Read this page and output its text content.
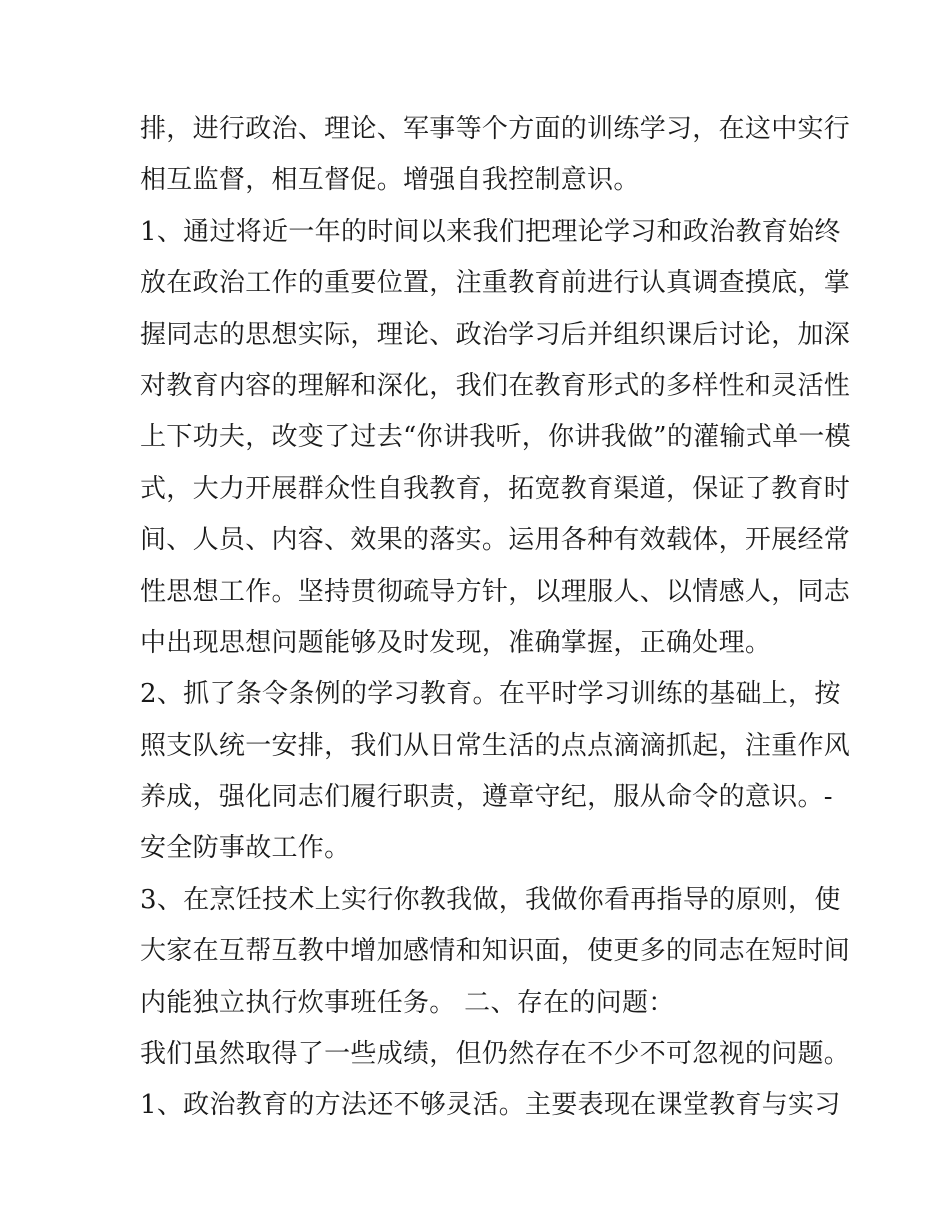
排，进行政治、理论、军事等个方面的训练学习，在这中实行
相互监督，相互督促。增强自我控制意识。
1、通过将近一年的时间以来我们把理论学习和政治教育始终
放在政治工作的重要位置，注重教育前进行认真调查摸底，掌
握同志的思想实际，理论、政治学习后并组织课后讨论，加深
对教育内容的理解和深化，我们在教育形式的多样性和灵活性
上下功夫，改变了过去“你讲我听，你讲我做”的灌输式单一模
式，大力开展群众性自我教育，拓宽教育渠道，保证了教育时
间、人员、内容、效果的落实。运用各种有效载体，开展经常
性思想工作。坚持贯彻疏导方针，以理服人、以情感人，同志
中出现思想问题能够及时发现，准确掌握，正确处理。
2、抓了条令条例的学习教育。在平时学习训练的基础上，按
照支队统一安排，我们从日常生活的点点滴滴抓起，注重作风
养成，强化同志们履行职责，遵章守纪，服从命令的意识。-
安全防事故工作。
3、在烹饪技术上实行你教我做，我做你看再指导的原则，使
大家在互帮互教中增加感情和知识面，使更多的同志在短时间
内能独立执行炊事班任务。 二、存在的问题：
我们虽然取得了一些成绩，但仍然存在不少不可忽视的问题。
1、政治教育的方法还不够灵活。主要表现在课堂教育与实习
